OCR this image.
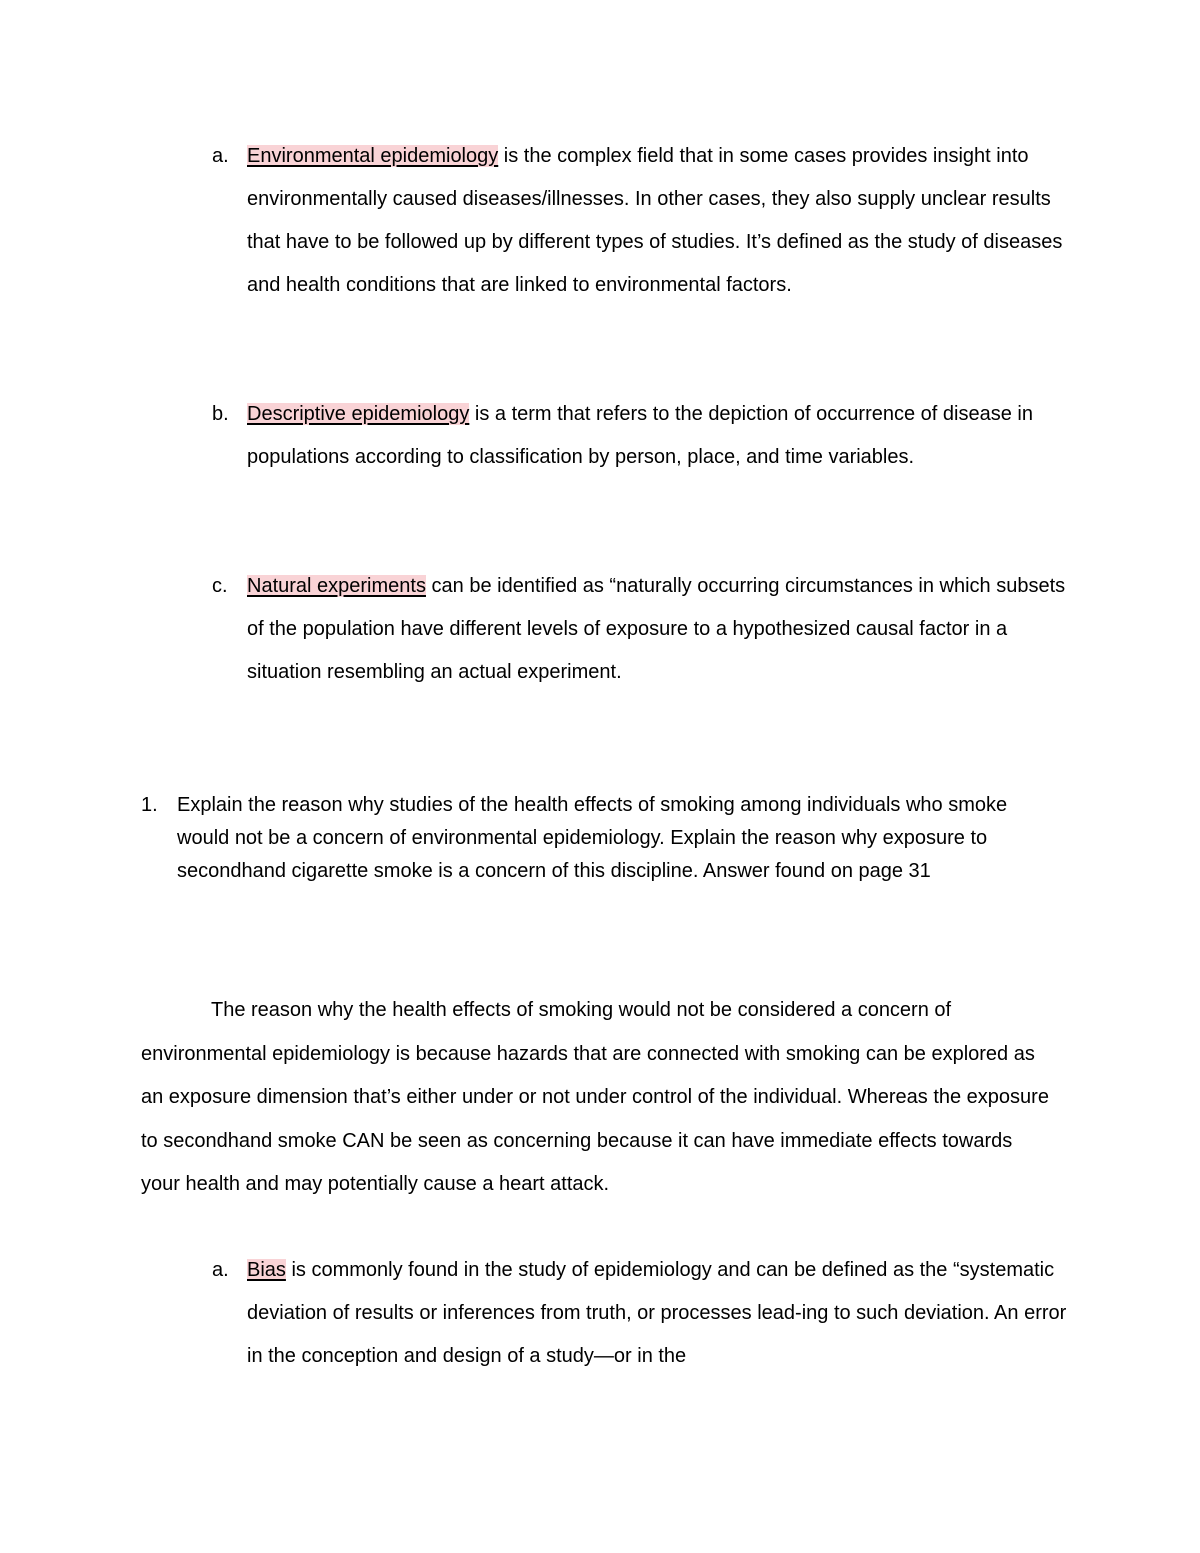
a. Environmental epidemiology is the complex field that in some cases provides insight into environmentally caused diseases/illnesses. In other cases, they also supply unclear results that have to be followed up by different types of studies. It’s defined as the study of diseases and health conditions that are linked to environmental factors.
b. Descriptive epidemiology is a term that refers to the depiction of occurrence of disease in populations according to classification by person, place, and time variables.
c. Natural experiments can be identified as “naturally occurring circumstances in which subsets of the population have different levels of exposure to a hypothesized causal factor in a situation resembling an actual experiment.
1. Explain the reason why studies of the health effects of smoking among individuals who smoke would not be a concern of environmental epidemiology. Explain the reason why exposure to secondhand cigarette smoke is a concern of this discipline. Answer found on page 31

The reason why the health effects of smoking would not be considered a concern of environmental epidemiology is because hazards that are connected with smoking can be explored as an exposure dimension that’s either under or not under control of the individual. Whereas the exposure to secondhand smoke CAN be seen as concerning because it can have immediate effects towards your health and may potentially cause a heart attack.

a. Bias is commonly found in the study of epidemiology and can be defined as the “systematic deviation of results or inferences from truth, or processes lead-ing to such deviation. An error in the conception and design of a study—or in the
